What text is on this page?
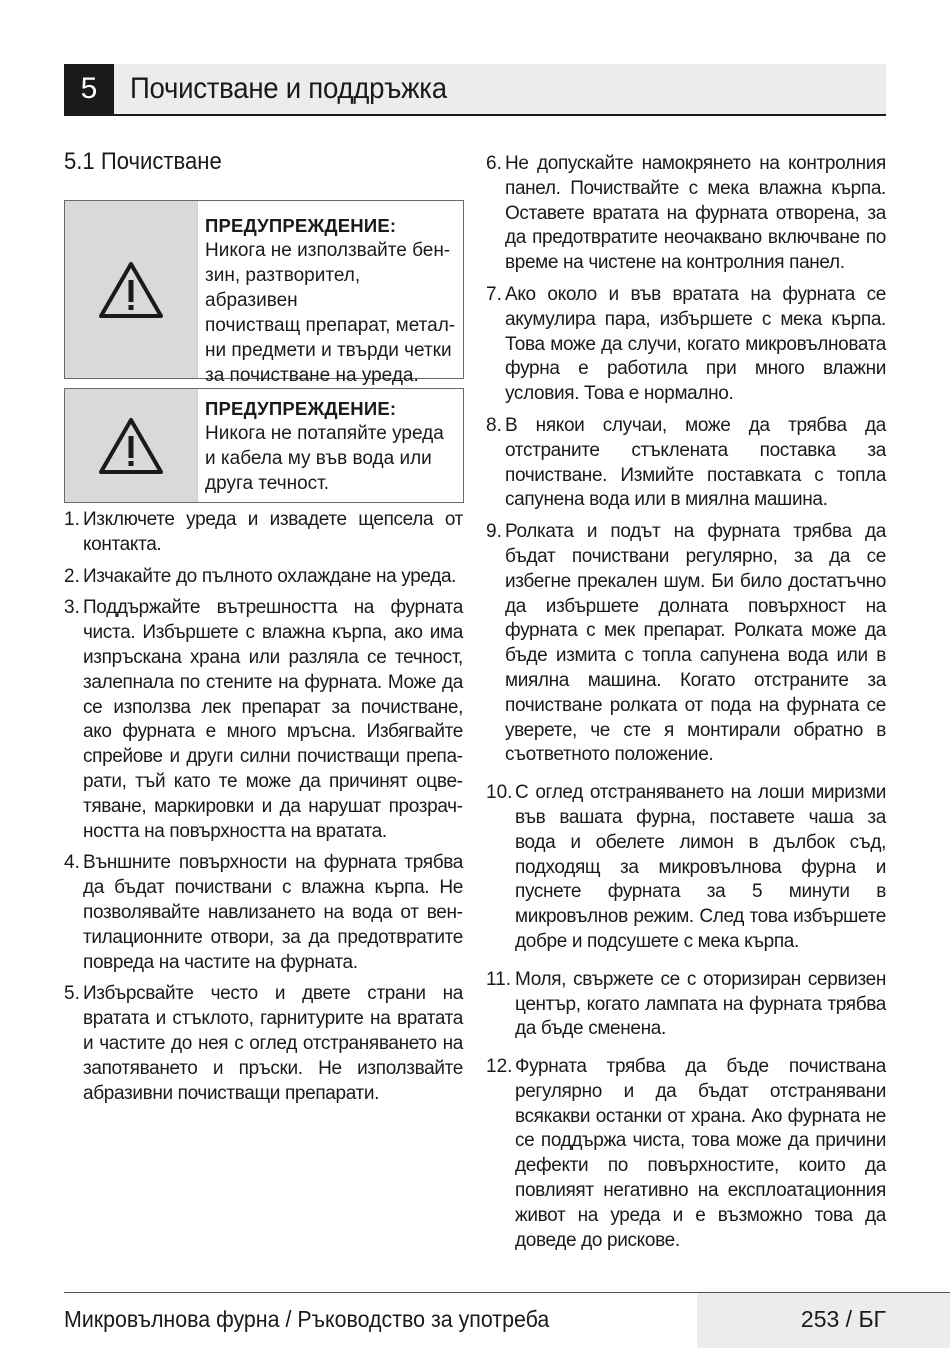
5	Почистване и поддръжка
5.1 Почистване
ПРЕДУПРЕЖДЕНИЕ:
Никога не използвайте бен-
зин, разтворител, абразивен
почистващ препарат, метал-
ни предмети и твърди четки
за почистване на уреда.
ПРЕДУПРЕЖДЕНИЕ:
Никога не потапяйте уреда
и кабела му във вода или
друга течност.
1. Изключете уреда и извадете щепсела от контакта.
2. Изчакайте до пълното охлаждане на уреда.
3. Поддържайте вътрешността на фурната чиста. Избършете с влажна кърпа, ако има изпръскана храна или разляла се течност, залепнала по стените на фурната. Може да се използва лек препарат за почистване, ако фурната е много мръсна. Избягвайте спрейове и други силни почистващи препарати, тъй като те може да причинят оцветяване, маркировки и да нарушат прозрачността на повърхността на вратата.
4. Външните повърхности на фурната трябва да бъдат почиствани с влажна кърпа. Не позволявайте навлизането на вода от вентилационните отвори, за да предотвратите повреда на частите на фурната.
5. Избърсвайте често и двете страни на вратата и стъклото, гарнитурите на вратата и частите до нея с оглед отстраняването на запотяването и пръски. Не използвайте абразивни почистващи препарати.
6. Не допускайте намокрянето на контролния панел. Почиствайте с мека влажна кърпа. Оставете вратата на фурната отворена, за да предотвратите неочаквано включване по време на чистене на контролния панел.
7. Ако около и във вратата на фурната се акумулира пара, избършете с мека кърпа. Това може да случи, когато микровълновата фурна е работила при много влажни условия. Това е нормално.
8. В някои случаи, може да трябва да отстраните стъклената поставка за почистване. Измийте поставката с топла сапунена вода или в миялна машина.
9. Ролката и подът на фурната трябва да бъдат почиствани регулярно, за да се избегне прекален шум. Би било достатъчно да избършете долната повърхност на фурната с мек препарат. Ролката може да бъде измита с топла сапунена вода или в миялна машина. Когато отстраните за почистване ролката от пода на фурната се уверете, че сте я монтирали обратно в съответното положение.
10. С оглед отстраняването на лоши миризми във вашата фурна, поставете чаша за вода и обелете лимон в дълбок съд, подходящ за микровълнова фурна и пуснете фурната за 5 минути в микровълнов режим. След това избършете добре и подсушете с мека кърпа.
11. Моля, свържете се с оторизиран сервизен център, когато лампата на фурната трябва да бъде сменена.
12. Фурната трябва да бъде почиствана регулярно и да бъдат отстранявани всякакви останки от храна. Ако фурната не се поддържа чиста, това може да причини дефекти по повърхностите, които да повлияят негативно на експлоатационния живот на уреда и е възможно това да доведе до рискове.
Микровълнова фурна / Ръководство за употреба	253 / БГ
